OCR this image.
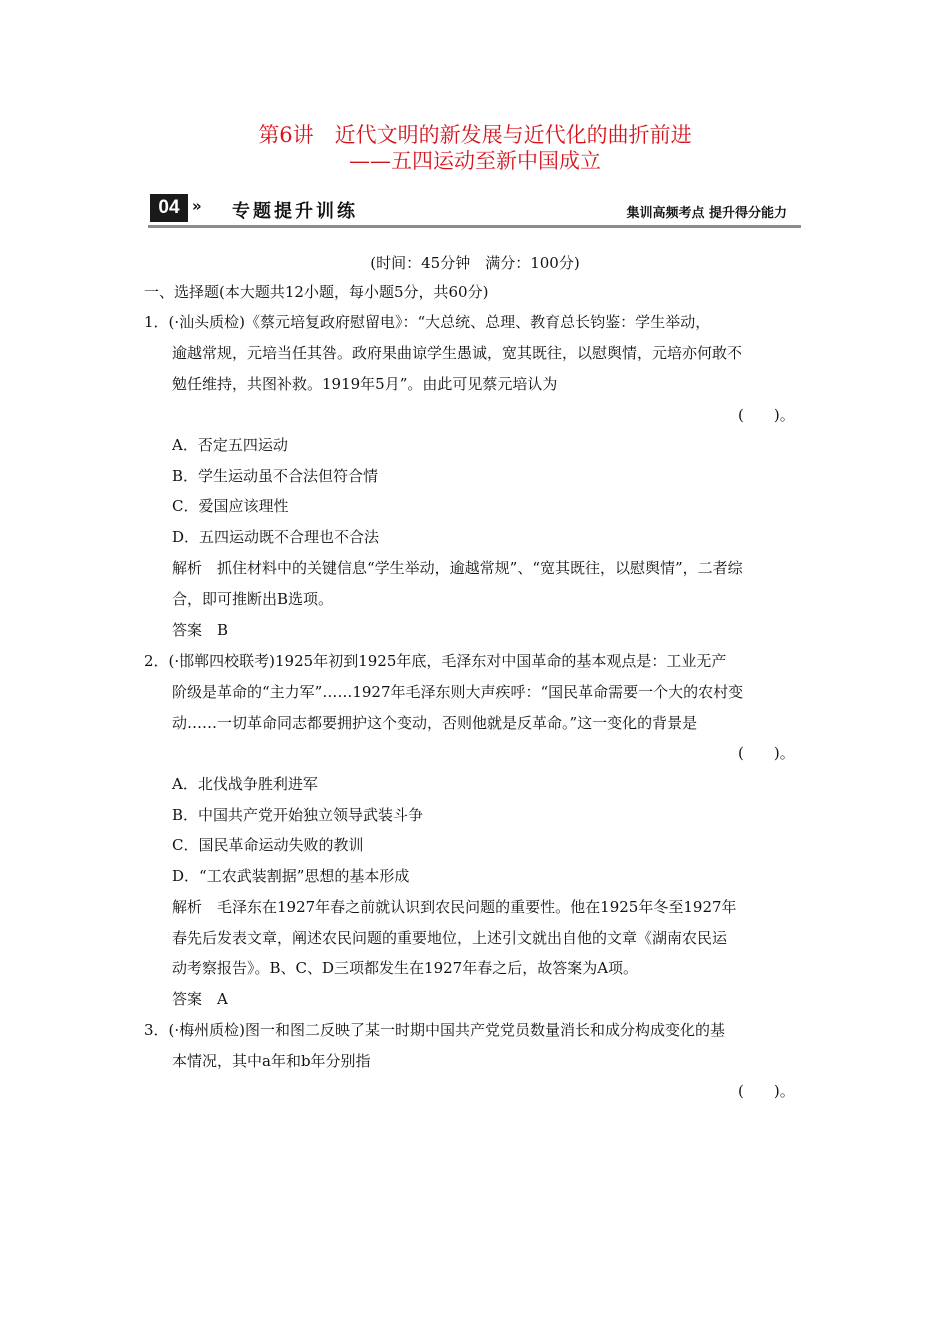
第6讲　近代文明的新发展与近代化的曲折前进
——五四运动至新中国成立
04 » 专题提升训练	集训高频考点 提升得分能力
(时间：45分钟　满分：100分)
一、选择题(本大题共12小题，每小题5分，共60分)
1．(·汕头质检)《蔡元培复政府慰留电》：“大总统、总理、教育总长钧鉴：学生举动，
逾越常规，元培当任其咎。政府果曲谅学生愚诚，宽其既往，以慰舆情，元培亦何敢不
勉任维持，共图补救。1919年5月”。由此可见蔡元培认为
(　　)。
A．否定五四运动
B．学生运动虽不合法但符合情
C．爱国应该理性
D．五四运动既不合理也不合法
解析　抓住材料中的关键信息“学生举动，逾越常规”、“宽其既往，以慰舆情”，二者综
合，即可推断出B选项。
答案　B
2．(·邯郸四校联考)1925年初到1925年底，毛泽东对中国革命的基本观点是：工业无产
阶级是革命的“主力军”……1927年毛泽东则大声疾呼：“国民革命需要一个大的农村变
动……一切革命同志都要拥护这个变动，否则他就是反革命。”这一变化的背景是
(　　)。
A．北伐战争胜利进军
B．中国共产党开始独立领导武装斗争
C．国民革命运动失败的教训
D．“工农武装割据”思想的基本形成
解析　毛泽东在1927年春之前就认识到农民问题的重要性。他在1925年冬至1927年
春先后发表文章，阐述农民问题的重要地位，上述引文就出自他的文章《湖南农民运
动考察报告》。B、C、D三项都发生在1927年春之后，故答案为A项。
答案　A
3．(·梅州质检)图一和图二反映了某一时期中国共产党党员数量消长和成分构成变化的基
本情况，其中a年和b年分别指
(　　)。
